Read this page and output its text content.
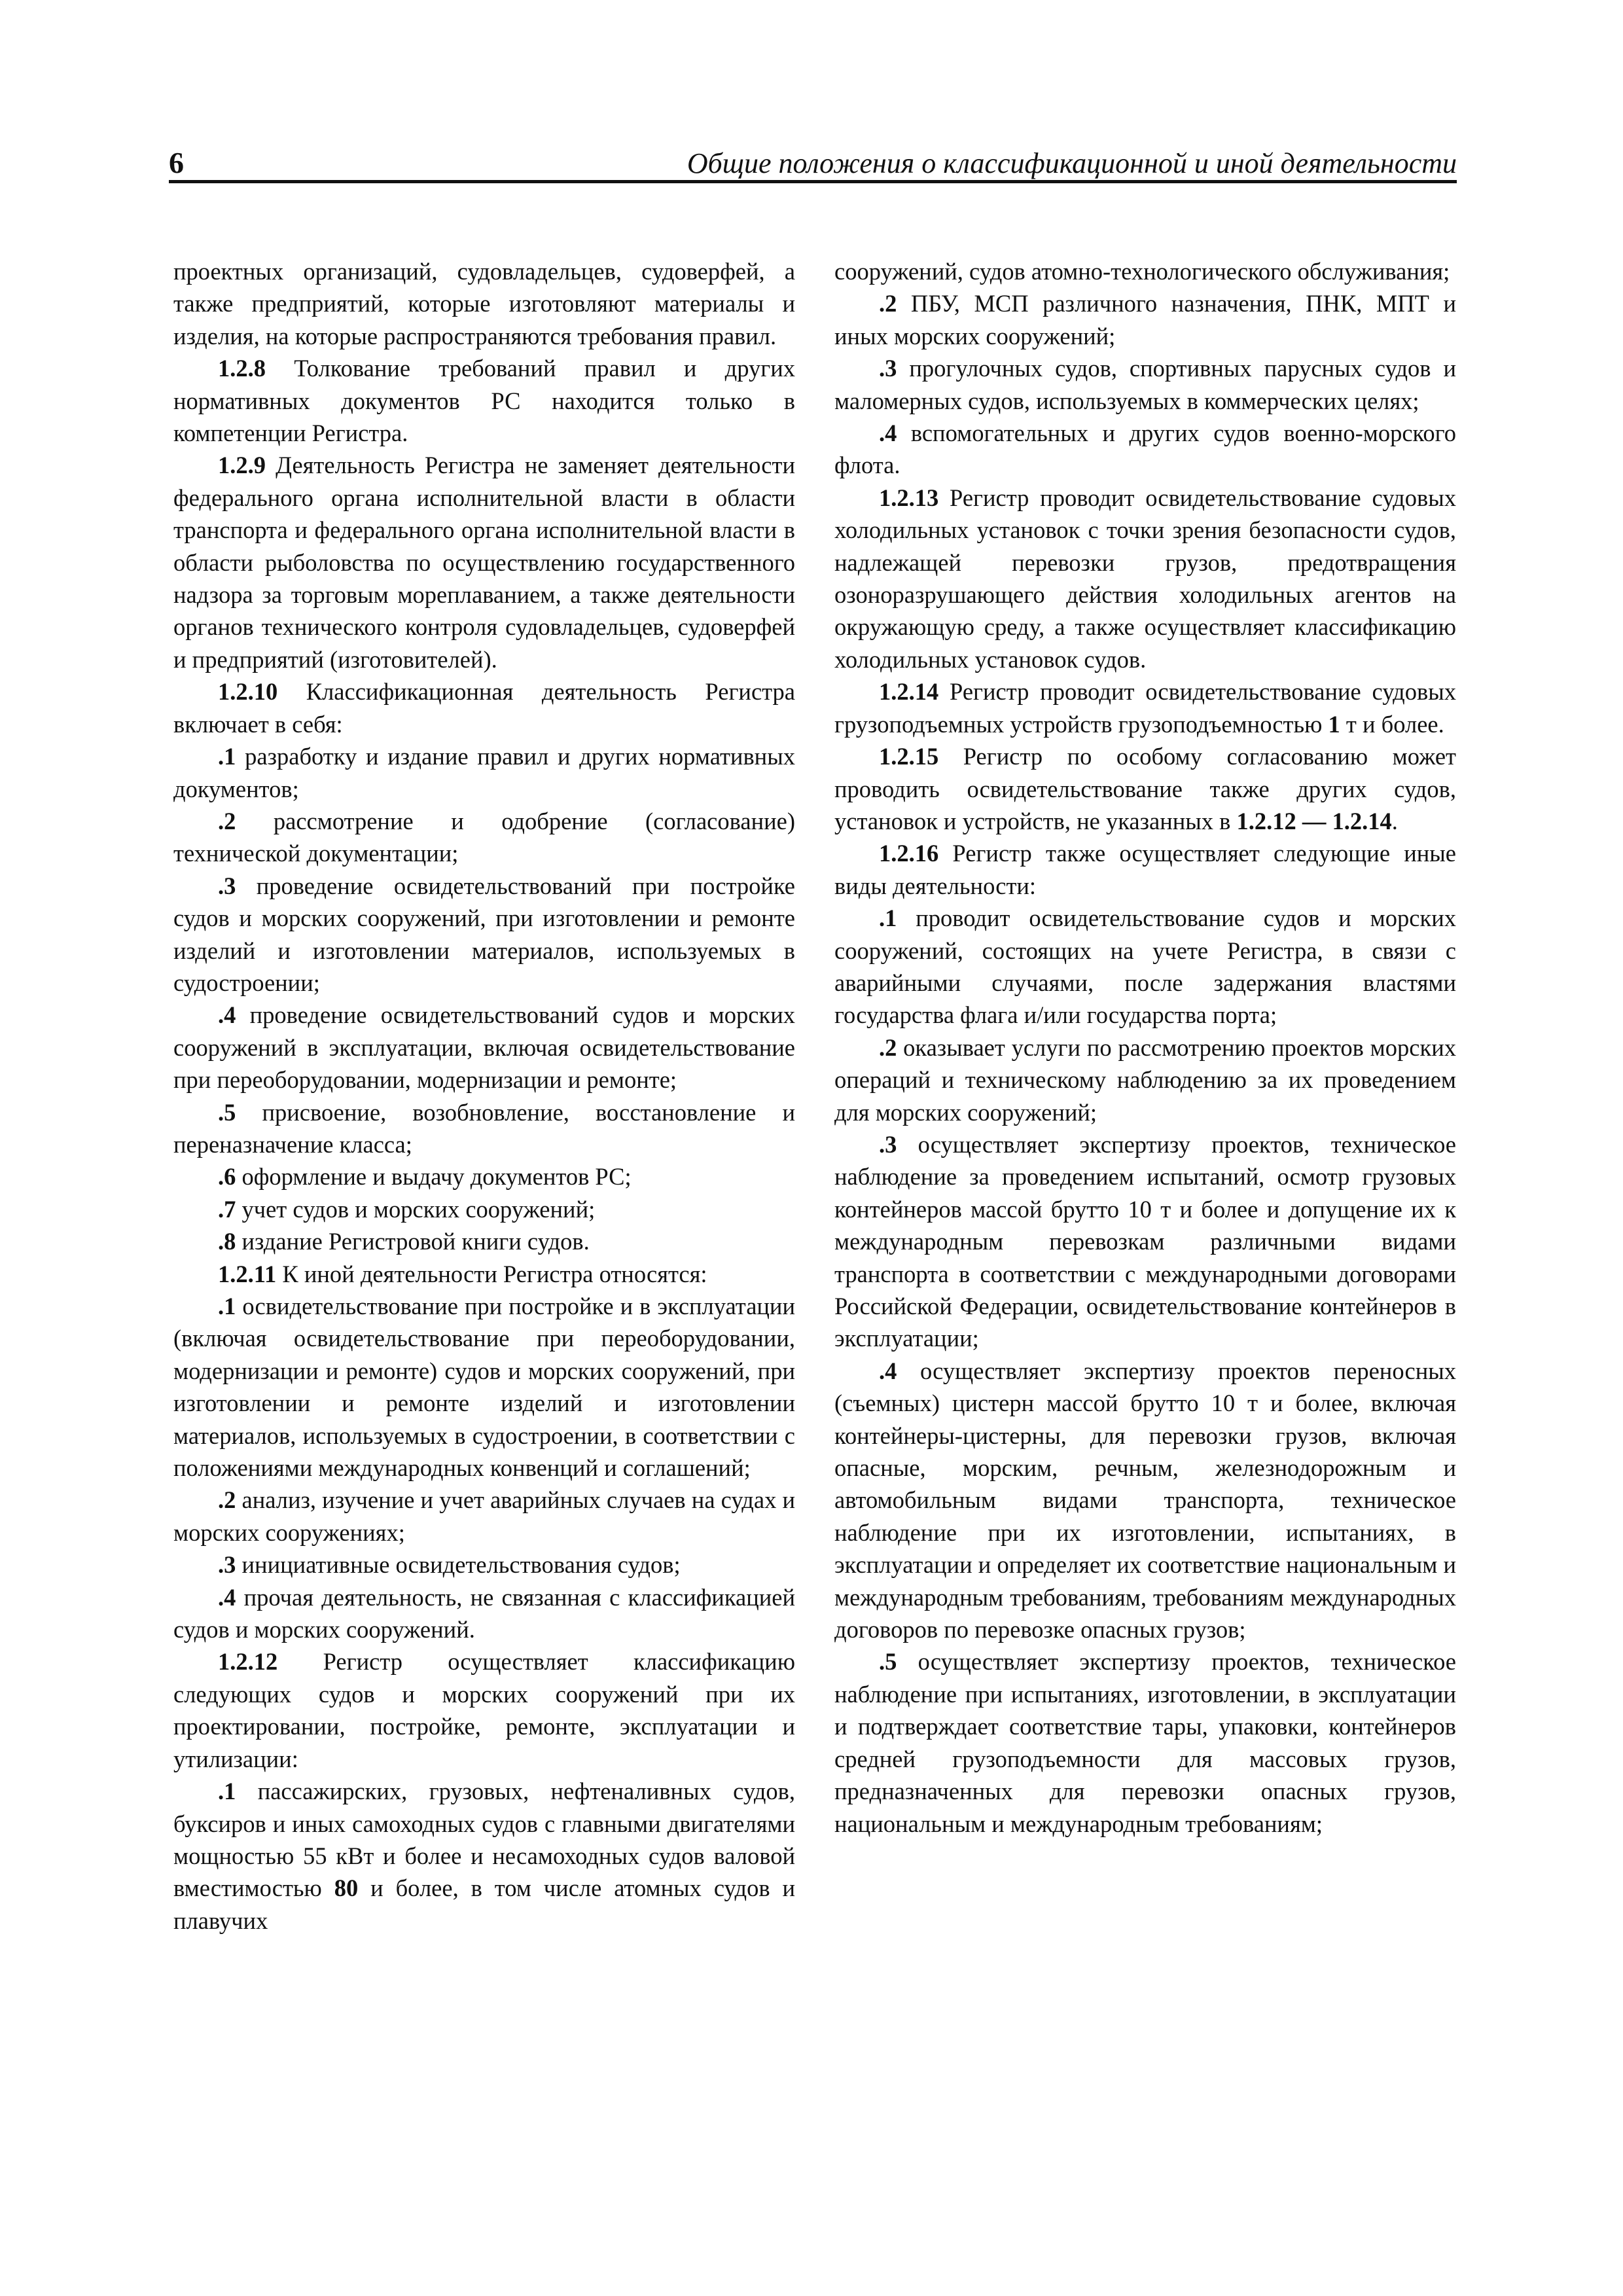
6	Общие положения о классификационной и иной деятельности

проектных организаций, судовладельцев, судоверфей, а также предприятий, которые изготовляют материалы и изделия, на которые распространяются требования правил.

1.2.8 Толкование требований правил и других нормативных документов РС находится только в компетенции Регистра.

1.2.9 Деятельность Регистра не заменяет деятельности федерального органа исполнительной власти в области транспорта и федерального органа исполнительной власти в области рыболовства по осуществлению государственного надзора за торговым мореплаванием, а также деятельности органов технического контроля судовладельцев, судоверфей и предприятий (изготовителей).

1.2.10 Классификационная деятельность Регистра включает в себя:

.1 разработку и издание правил и других нормативных документов;

.2 рассмотрение и одобрение (согласование) технической документации;

.3 проведение освидетельствований при постройке судов и морских сооружений, при изготовлении и ремонте изделий и изготовлении материалов, используемых в судостроении;

.4 проведение освидетельствований судов и морских сооружений в эксплуатации, включая освидетельствование при переоборудовании, модернизации и ремонте;

.5 присвоение, возобновление, восстановление и переназначение класса;

.6 оформление и выдачу документов РС;

.7 учет судов и морских сооружений;

.8 издание Регистровой книги судов.

1.2.11 К иной деятельности Регистра относятся:

.1 освидетельствование при постройке и в эксплуатации (включая освидетельствование при переоборудовании, модернизации и ремонте) судов и морских сооружений, при изготовлении и ремонте изделий и изготовлении материалов, используемых в судостроении, в соответствии с положениями международных конвенций и соглашений;

.2 анализ, изучение и учет аварийных случаев на судах и морских сооружениях;

.3 инициативные освидетельствования судов;

.4 прочая деятельность, не связанная с классификацией судов и морских сооружений.

1.2.12 Регистр осуществляет классификацию следующих судов и морских сооружений при их проектировании, постройке, ремонте, эксплуатации и утилизации:

.1 пассажирских, грузовых, нефтеналивных судов, буксиров и иных самоходных судов с главными двигателями мощностью 55 кВт и более и несамоходных судов валовой вместимостью 80 и более, в том числе атомных судов и плавучих

сооружений, судов атомно-технологического обслуживания;

.2 ПБУ, МСП различного назначения, ПНК, МПТ и иных морских сооружений;

.3 прогулочных судов, спортивных парусных судов и маломерных судов, используемых в коммерческих целях;

.4 вспомогательных и других судов военно-морского флота.

1.2.13 Регистр проводит освидетельствование судовых холодильных установок с точки зрения безопасности судов, надлежащей перевозки грузов, предотвращения озоноразрушающего действия холодильных агентов на окружающую среду, а также осуществляет классификацию холодильных установок судов.

1.2.14 Регистр проводит освидетельствование судовых грузоподъемных устройств грузоподъемностью 1 т и более.

1.2.15 Регистр по особому согласованию может проводить освидетельствование также других судов, установок и устройств, не указанных в 1.2.12 — 1.2.14.

1.2.16 Регистр также осуществляет следующие иные виды деятельности:

.1 проводит освидетельствование судов и морских сооружений, состоящих на учете Регистра, в связи с аварийными случаями, после задержания властями государства флага и/или государства порта;

.2 оказывает услуги по рассмотрению проектов морских операций и техническому наблюдению за их проведением для морских сооружений;

.3 осуществляет экспертизу проектов, техническое наблюдение за проведением испытаний, осмотр грузовых контейнеров массой брутто 10 т и более и допущение их к международным перевозкам различными видами транспорта в соответствии с международными договорами Российской Федерации, освидетельствование контейнеров в эксплуатации;

.4 осуществляет экспертизу проектов переносных (съемных) цистерн массой брутто 10 т и более, включая контейнеры-цистерны, для перевозки грузов, включая опасные, морским, речным, железнодорожным и автомобильным видами транспорта, техническое наблюдение при их изготовлении, испытаниях, в эксплуатации и определяет их соответствие национальным и международным требованиям, требованиям международных договоров по перевозке опасных грузов;

.5 осуществляет экспертизу проектов, техническое наблюдение при испытаниях, изготовлении, в эксплуатации и подтверждает соответствие тары, упаковки, контейнеров средней грузоподъемности для массовых грузов, предназначенных для перевозки опасных грузов, национальным и международным требованиям;
